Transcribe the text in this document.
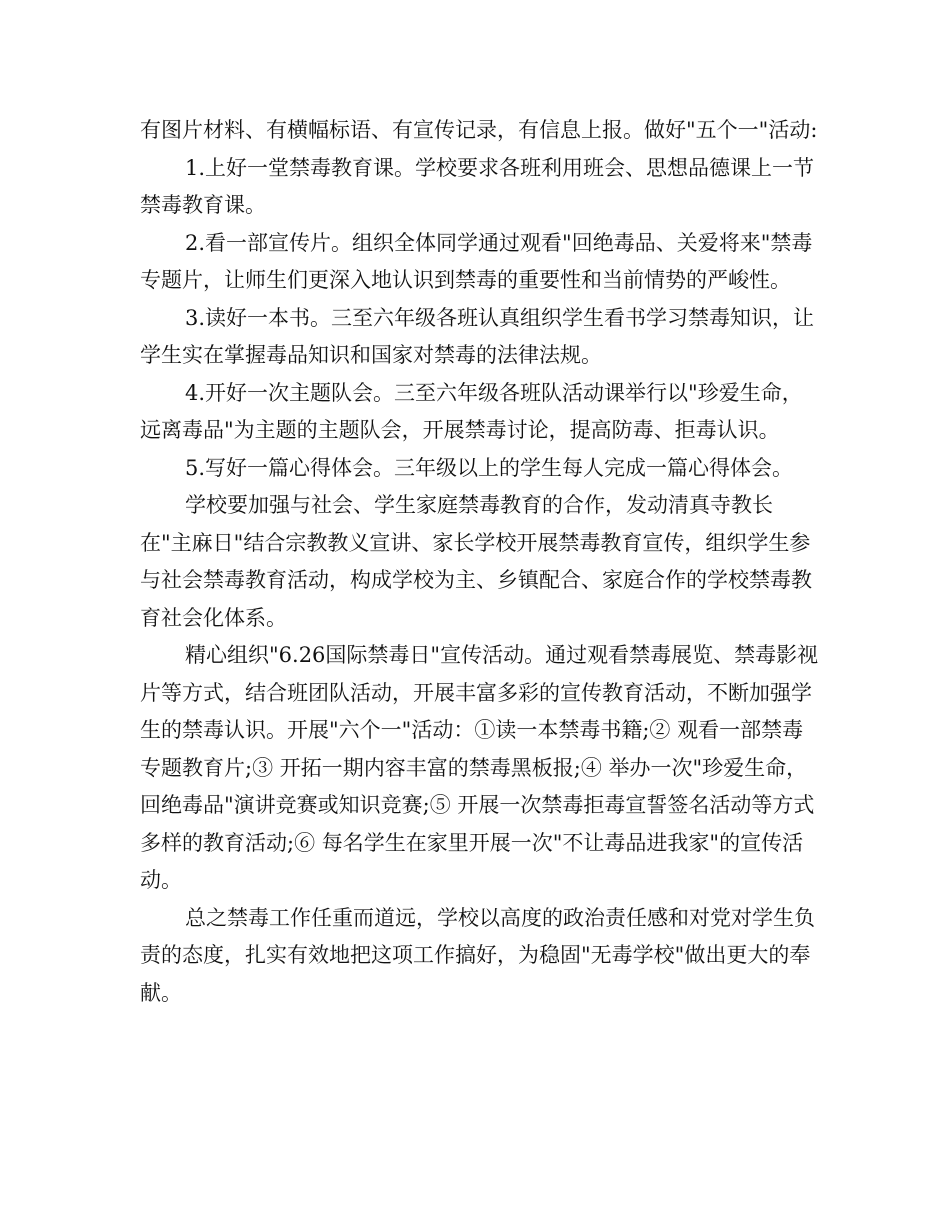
有图片材料、有横幅标语、有宣传记录，有信息上报。做好"五个一"活动:

1.上好一堂禁毒教育课。学校要求各班利用班会、思想品德课上一节禁毒教育课。

2.看一部宣传片。组织全体同学通过观看"回绝毒品、关爱将来"禁毒专题片，让师生们更深入地认识到禁毒的重要性和当前情势的严峻性。

3.读好一本书。三至六年级各班认真组织学生看书学习禁毒知识，让学生实在掌握毒品知识和国家对禁毒的法律法规。

4.开好一次主题队会。三至六年级各班队活动课举行以"珍爱生命，远离毒品"为主题的主题队会，开展禁毒讨论，提高防毒、拒毒认识。

5.写好一篇心得体会。三年级以上的学生每人完成一篇心得体会。

学校要加强与社会、学生家庭禁毒教育的合作，发动清真寺教长在"主麻日"结合宗教教义宣讲、家长学校开展禁毒教育宣传，组织学生参与社会禁毒教育活动，构成学校为主、乡镇配合、家庭合作的学校禁毒教育社会化体系。

精心组织"6.26国际禁毒日"宣传活动。通过观看禁毒展览、禁毒影视片等方式，结合班团队活动，开展丰富多彩的宣传教育活动，不断加强学生的禁毒认识。开展"六个一"活动：①读一本禁毒书籍;② 观看一部禁毒专题教育片;③ 开拓一期内容丰富的禁毒黑板报;④ 举办一次"珍爱生命，回绝毒品"演讲竞赛或知识竞赛;⑤ 开展一次禁毒拒毒宣誓签名活动等方式多样的教育活动;⑥ 每名学生在家里开展一次"不让毒品进我家"的宣传活动。

总之禁毒工作任重而道远，学校以高度的政治责任感和对党对学生负责的态度，扎实有效地把这项工作搞好，为稳固"无毒学校"做出更大的奉献。
